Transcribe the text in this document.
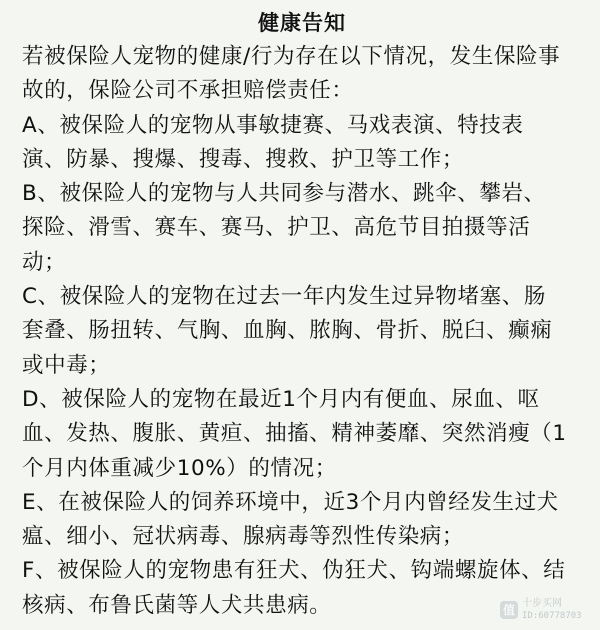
健康告知
若被保险人宠物的健康/行为存在以下情况，发生保险事
故的，保险公司不承担赔偿责任：
A、被保险人的宠物从事敏捷赛、马戏表演、特技表
演、防暴、搜爆、搜毒、搜救、护卫等工作；
B、被保险人的宠物与人共同参与潜水、跳伞、攀岩、
探险、滑雪、赛车、赛马、护卫、高危节目拍摄等活
动；
C、被保险人的宠物在过去一年内发生过异物堵塞、肠
套叠、肠扭转、气胸、血胸、脓胸、骨折、脱臼、癫痫
或中毒；
D、被保险人的宠物在最近1个月内有便血、尿血、呕
血、发热、腹胀、黄疸、抽搐、精神萎靡、突然消瘦（1
个月内体重减少10%）的情况；
E、在被保险人的饲养环境中，近3个月内曾经发生过犬
瘟、细小、冠状病毒、腺病毒等烈性传染病；
F、被保险人的宠物患有狂犬、伪狂犬、钩端螺旋体、结
核病、布鲁氏菌等人犬共患病。	值 十步买网
ID:60778703
